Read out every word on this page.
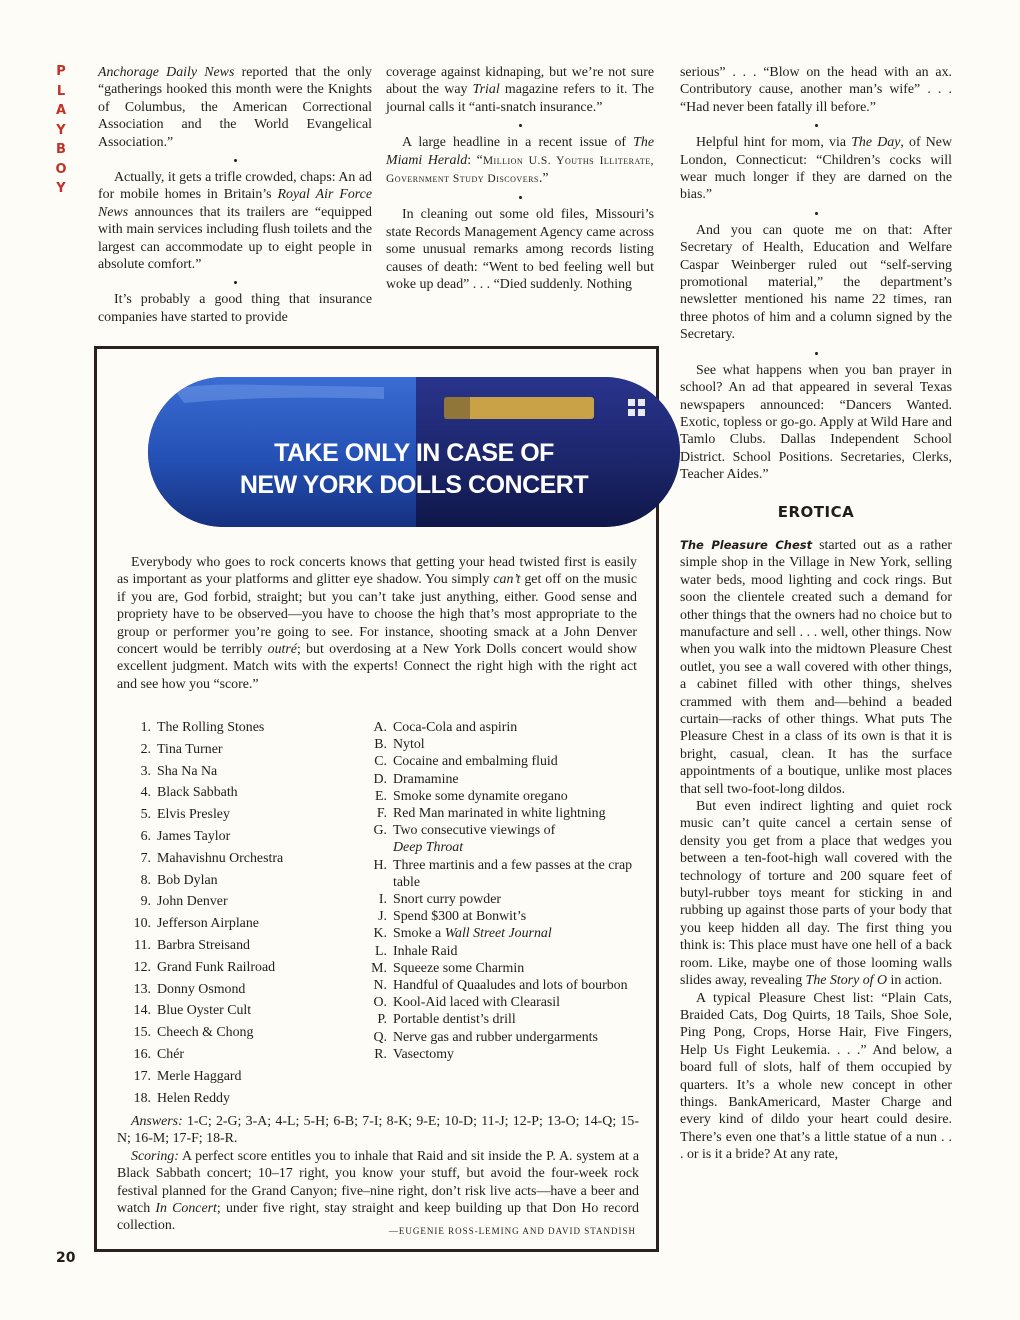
P
L
A
Y
B
O
Y

Anchorage Daily News reported that the only “gatherings hooked this month were the Knights of Columbus, the American Correctional Association and the World Evangelical Association.”

Actually, it gets a trifle crowded, chaps: An ad for mobile homes in Britain’s Royal Air Force News announces that its trailers are “equipped with main services including flush toilets and the largest can accommodate up to eight people in absolute comfort.”

It’s probably a good thing that insurance companies have started to provide

coverage against kidnaping, but we’re not sure about the way Trial magazine refers to it. The journal calls it “anti-snatch insurance.”

A large headline in a recent issue of The Miami Herald: “Million U.S. Youths Illiterate, Government Study Discovers.”

In cleaning out some old files, Missouri’s state Records Management Agency came across some unusual remarks among records listing causes of death: “Went to bed feeling well but woke up dead” . . . “Died suddenly. Nothing

serious” . . . “Blow on the head with an ax. Contributory cause, another man’s wife” . . . “Had never been fatally ill before.”

Helpful hint for mom, via The Day, of New London, Connecticut: “Children’s cocks will wear much longer if they are darned on the bias.”

And you can quote me on that: After Secretary of Health, Education and Welfare Caspar Weinberger ruled out “self-serving promotional material,” the department’s newsletter mentioned his name 22 times, ran three photos of him and a column signed by the Secretary.

See what happens when you ban prayer in school? An ad that appeared in several Texas newspapers announced: “Dancers Wanted. Exotic, topless or go-go. Apply at Wild Hare and Tamlo Clubs. Dallas Independent School District. School Positions. Secretaries, Clerks, Teacher Aides.”

EROTICA

The Pleasure Chest started out as a rather simple shop in the Village in New York, selling water beds, mood lighting and cock rings. But soon the clientele created such a demand for other things that the owners had no choice but to manufacture and sell . . . well, other things. Now when you walk into the midtown Pleasure Chest outlet, you see a wall covered with other things, a cabinet filled with other things, shelves crammed with them and—behind a beaded curtain—racks of other things. What puts The Pleasure Chest in a class of its own is that it is bright, casual, clean. It has the surface appointments of a boutique, unlike most places that sell two-foot-long dildos.

But even indirect lighting and quiet rock music can’t quite cancel a certain sense of density you get from a place that wedges you between a ten-foot-high wall covered with the technology of torture and 200 square feet of butyl-rubber toys meant for sticking in and rubbing up against those parts of your body that you keep hidden all day. The first thing you think is: This place must have one hell of a back room. Like, maybe one of those looming walls slides away, revealing The Story of O in action.

A typical Pleasure Chest list: “Plain Cats, Braided Cats, Dog Quirts, 18 Tails, Shoe Sole, Ping Pong, Crops, Horse Hair, Five Fingers, Help Us Fight Leukemia. . . .” And below, a board full of slots, half of them occupied by quarters. It’s a whole new concept in other things. BankAmericard, Master Charge and every kind of dildo your heart could desire. There’s even one that’s a little statue of a nun . . . or is it a bride? At any rate,

TAKE ONLY IN CASE OF
NEW YORK DOLLS CONCERT

Everybody who goes to rock concerts knows that getting your head twisted first is easily as important as your platforms and glitter eye shadow. You simply can’t get off on the music if you are, God forbid, straight; but you can’t take just anything, either. Good sense and propriety have to be observed—you have to choose the high that’s most appropriate to the group or performer you’re going to see. For instance, shooting smack at a John Denver concert would be terribly outré; but overdosing at a New York Dolls concert would show excellent judgment. Match wits with the experts! Connect the right high with the right act and see how you “score.”

1. The Rolling Stones
2. Tina Turner
3. Sha Na Na
4. Black Sabbath
5. Elvis Presley
6. James Taylor
7. Mahavishnu Orchestra
8. Bob Dylan
9. John Denver
10. Jefferson Airplane
11. Barbra Streisand
12. Grand Funk Railroad
13. Donny Osmond
14. Blue Oyster Cult
15. Cheech & Chong
16. Chér
17. Merle Haggard
18. Helen Reddy
A. Coca-Cola and aspirin
B. Nytol
C. Cocaine and embalming fluid
D. Dramamine
E. Smoke some dynamite oregano
F. Red Man marinated in white lightning
G. Two consecutive viewings of
Deep Throat
H. Three martinis and a few passes at the crap table
I. Snort curry powder
J. Spend $300 at Bonwit’s
K. Smoke a Wall Street Journal
L. Inhale Raid
M. Squeeze some Charmin
N. Handful of Quaaludes and lots of bourbon
O. Kool-Aid laced with Clearasil
P. Portable dentist’s drill
Q. Nerve gas and rubber undergarments
R. Vasectomy

Answers: 1-C; 2-G; 3-A; 4-L; 5-H; 6-B; 7-I; 8-K; 9-E; 10-D; 11-J; 12-P; 13-O; 14-Q; 15-N; 16-M; 17-F; 18-R.

Scoring: A perfect score entitles you to inhale that Raid and sit inside the P. A. system at a Black Sabbath concert; 10–17 right, you know your stuff, but avoid the four-week rock festival planned for the Grand Canyon; five–nine right, don’t risk live acts—have a beer and watch In Concert; under five right, stay straight and keep building up that Don Ho record collection.	—EUGENIE ROSS-LEMING AND DAVID STANDISH
20
